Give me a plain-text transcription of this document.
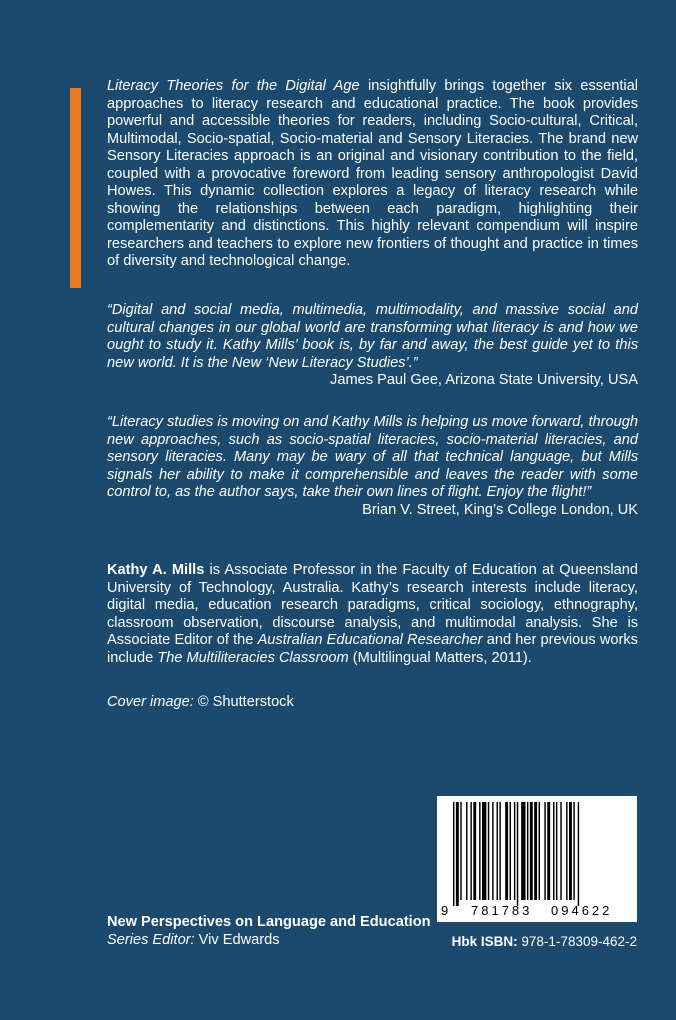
Literacy Theories for the Digital Age insightfully brings together six essential approaches to literacy research and educational practice. The book provides powerful and accessible theories for readers, including Socio-cultural, Critical, Multimodal, Socio-spatial, Socio-material and Sensory Literacies. The brand new Sensory Literacies approach is an original and visionary contribution to the field, coupled with a provocative foreword from leading sensory anthropologist David Howes. This dynamic collection explores a legacy of literacy research while showing the relationships between each paradigm, highlighting their complementarity and distinctions. This highly relevant compendium will inspire researchers and teachers to explore new frontiers of thought and practice in times of diversity and technological change.

“Digital and social media, multimedia, multimodality, and massive social and cultural changes in our global world are transforming what literacy is and how we ought to study it. Kathy Mills’ book is, by far and away, the best guide yet to this new world. It is the New ‘New Literacy Studies’.”

James Paul Gee, Arizona State University, USA

“Literacy studies is moving on and Kathy Mills is helping us move forward, through new approaches, such as socio-spatial literacies, socio-material literacies, and sensory literacies. Many may be wary of all that technical language, but Mills signals her ability to make it comprehensible and leaves the reader with some control to, as the author says, take their own lines of flight. Enjoy the flight!”

Brian V. Street, King’s College London, UK

Kathy A. Mills is Associate Professor in the Faculty of Education at Queensland University of Technology, Australia. Kathy’s research interests include literacy, digital media, education research paradigms, critical sociology, ethnography, classroom observation, discourse analysis, and multimodal analysis. She is Associate Editor of the Australian Educational Researcher and her previous works include The Multiliteracies Classroom (Multilingual Matters, 2011).

Cover image: © Shutterstock
New Perspectives on Language and Education
Series Editor: Viv Edwards
9 781783 094622
Hbk ISBN: 978-1-78309-462-2
